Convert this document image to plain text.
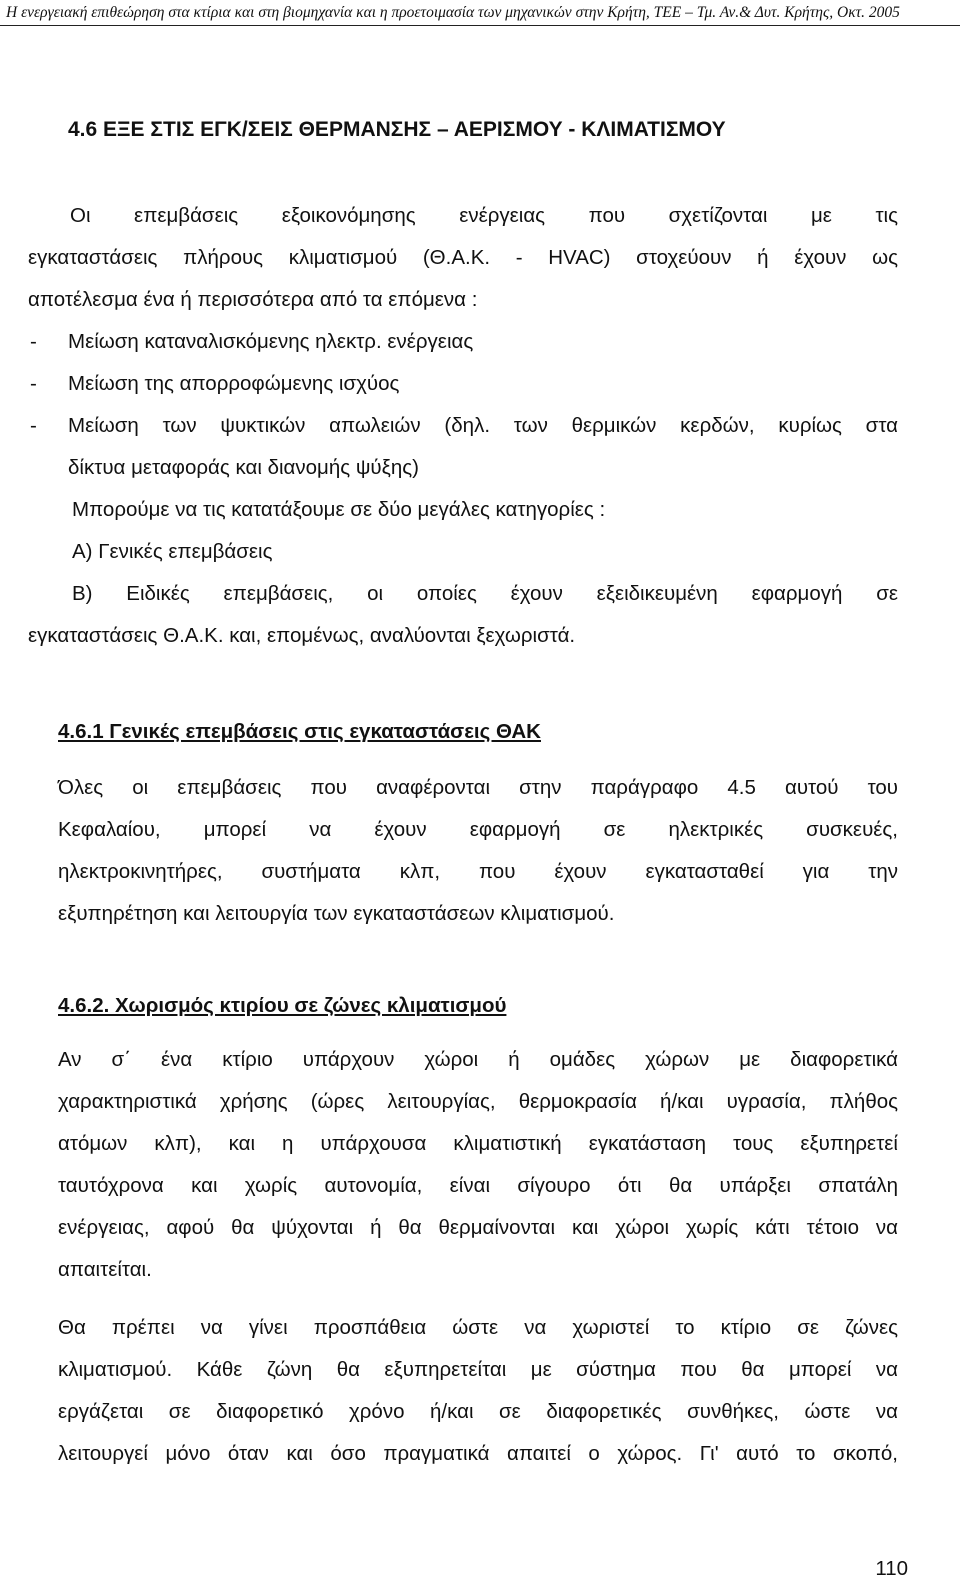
Η ενεργειακή επιθεώρηση στα κτίρια και στη βιομηχανία και η προετοιμασία των μηχανικών στην Κρήτη, ΤΕΕ – Τμ. Αν.& Δυτ. Κρήτης, Οκτ. 2005
4.6 ΕΞΕ ΣΤΙΣ ΕΓΚ/ΣΕΙΣ ΘΕΡΜΑΝΣΗΣ – ΑΕΡΙΣΜΟΥ - ΚΛΙΜΑΤΙΣΜΟΥ
Οι επεμβάσεις εξοικονόμησης ενέργειας που σχετίζονται με τις
εγκαταστάσεις πλήρους κλιματισμού (Θ.Α.Κ. - HVAC) στοχεύουν ή έχουν ως
αποτέλεσμα ένα ή περισσότερα από τα επόμενα :
- Μείωση καταναλισκόμενης ηλεκτρ. ενέργειας
- Μείωση της απορροφώμενης ισχύος
- Μείωση των ψυκτικών απωλειών (δηλ. των θερμικών κερδών, κυρίως στα
δίκτυα μεταφοράς και διανομής ψύξης)
Μπορούμε να τις κατατάξουμε σε δύο μεγάλες κατηγορίες :
Α) Γενικές επεμβάσεις
Β) Ειδικές επεμβάσεις, οι οποίες έχουν εξειδικευμένη εφαρμογή σε
εγκαταστάσεις Θ.Α.Κ. και, επομένως, αναλύονται ξεχωριστά.
4.6.1 Γενικές επεμβάσεις στις εγκαταστάσεις ΘΑΚ
Όλες οι επεμβάσεις που αναφέρονται στην παράγραφο 4.5 αυτού του
Κεφαλαίου, μπορεί να έχουν εφαρμογή σε ηλεκτρικές συσκευές,
ηλεκτροκινητήρες, συστήματα κλπ, που έχουν εγκατασταθεί για την
εξυπηρέτηση και λειτουργία των εγκαταστάσεων κλιματισμού.
4.6.2. Χωρισμός κτιρίου σε ζώνες κλιματισμού
Αν σ΄ ένα κτίριο υπάρχουν χώροι ή ομάδες χώρων με διαφορετικά
χαρακτηριστικά χρήσης (ώρες λειτουργίας, θερμοκρασία ή/και υγρασία, πλήθος
ατόμων κλπ), και η υπάρχουσα κλιματιστική εγκατάσταση τους εξυπηρετεί
ταυτόχρονα και χωρίς αυτονομία, είναι σίγουρο ότι θα υπάρξει σπατάλη
ενέργειας, αφού θα ψύχονται ή θα θερμαίνονται και χώροι χωρίς κάτι τέτοιο να
απαιτείται.
Θα πρέπει να γίνει προσπάθεια ώστε να χωριστεί το κτίριο σε ζώνες
κλιματισμού. Κάθε ζώνη θα εξυπηρετείται με σύστημα που θα μπορεί να
εργάζεται σε διαφορετικό χρόνο ή/και σε διαφορετικές συνθήκες, ώστε να
λειτουργεί μόνο όταν και όσο πραγματικά απαιτεί ο χώρος. Γι' αυτό το σκοπό,
110
